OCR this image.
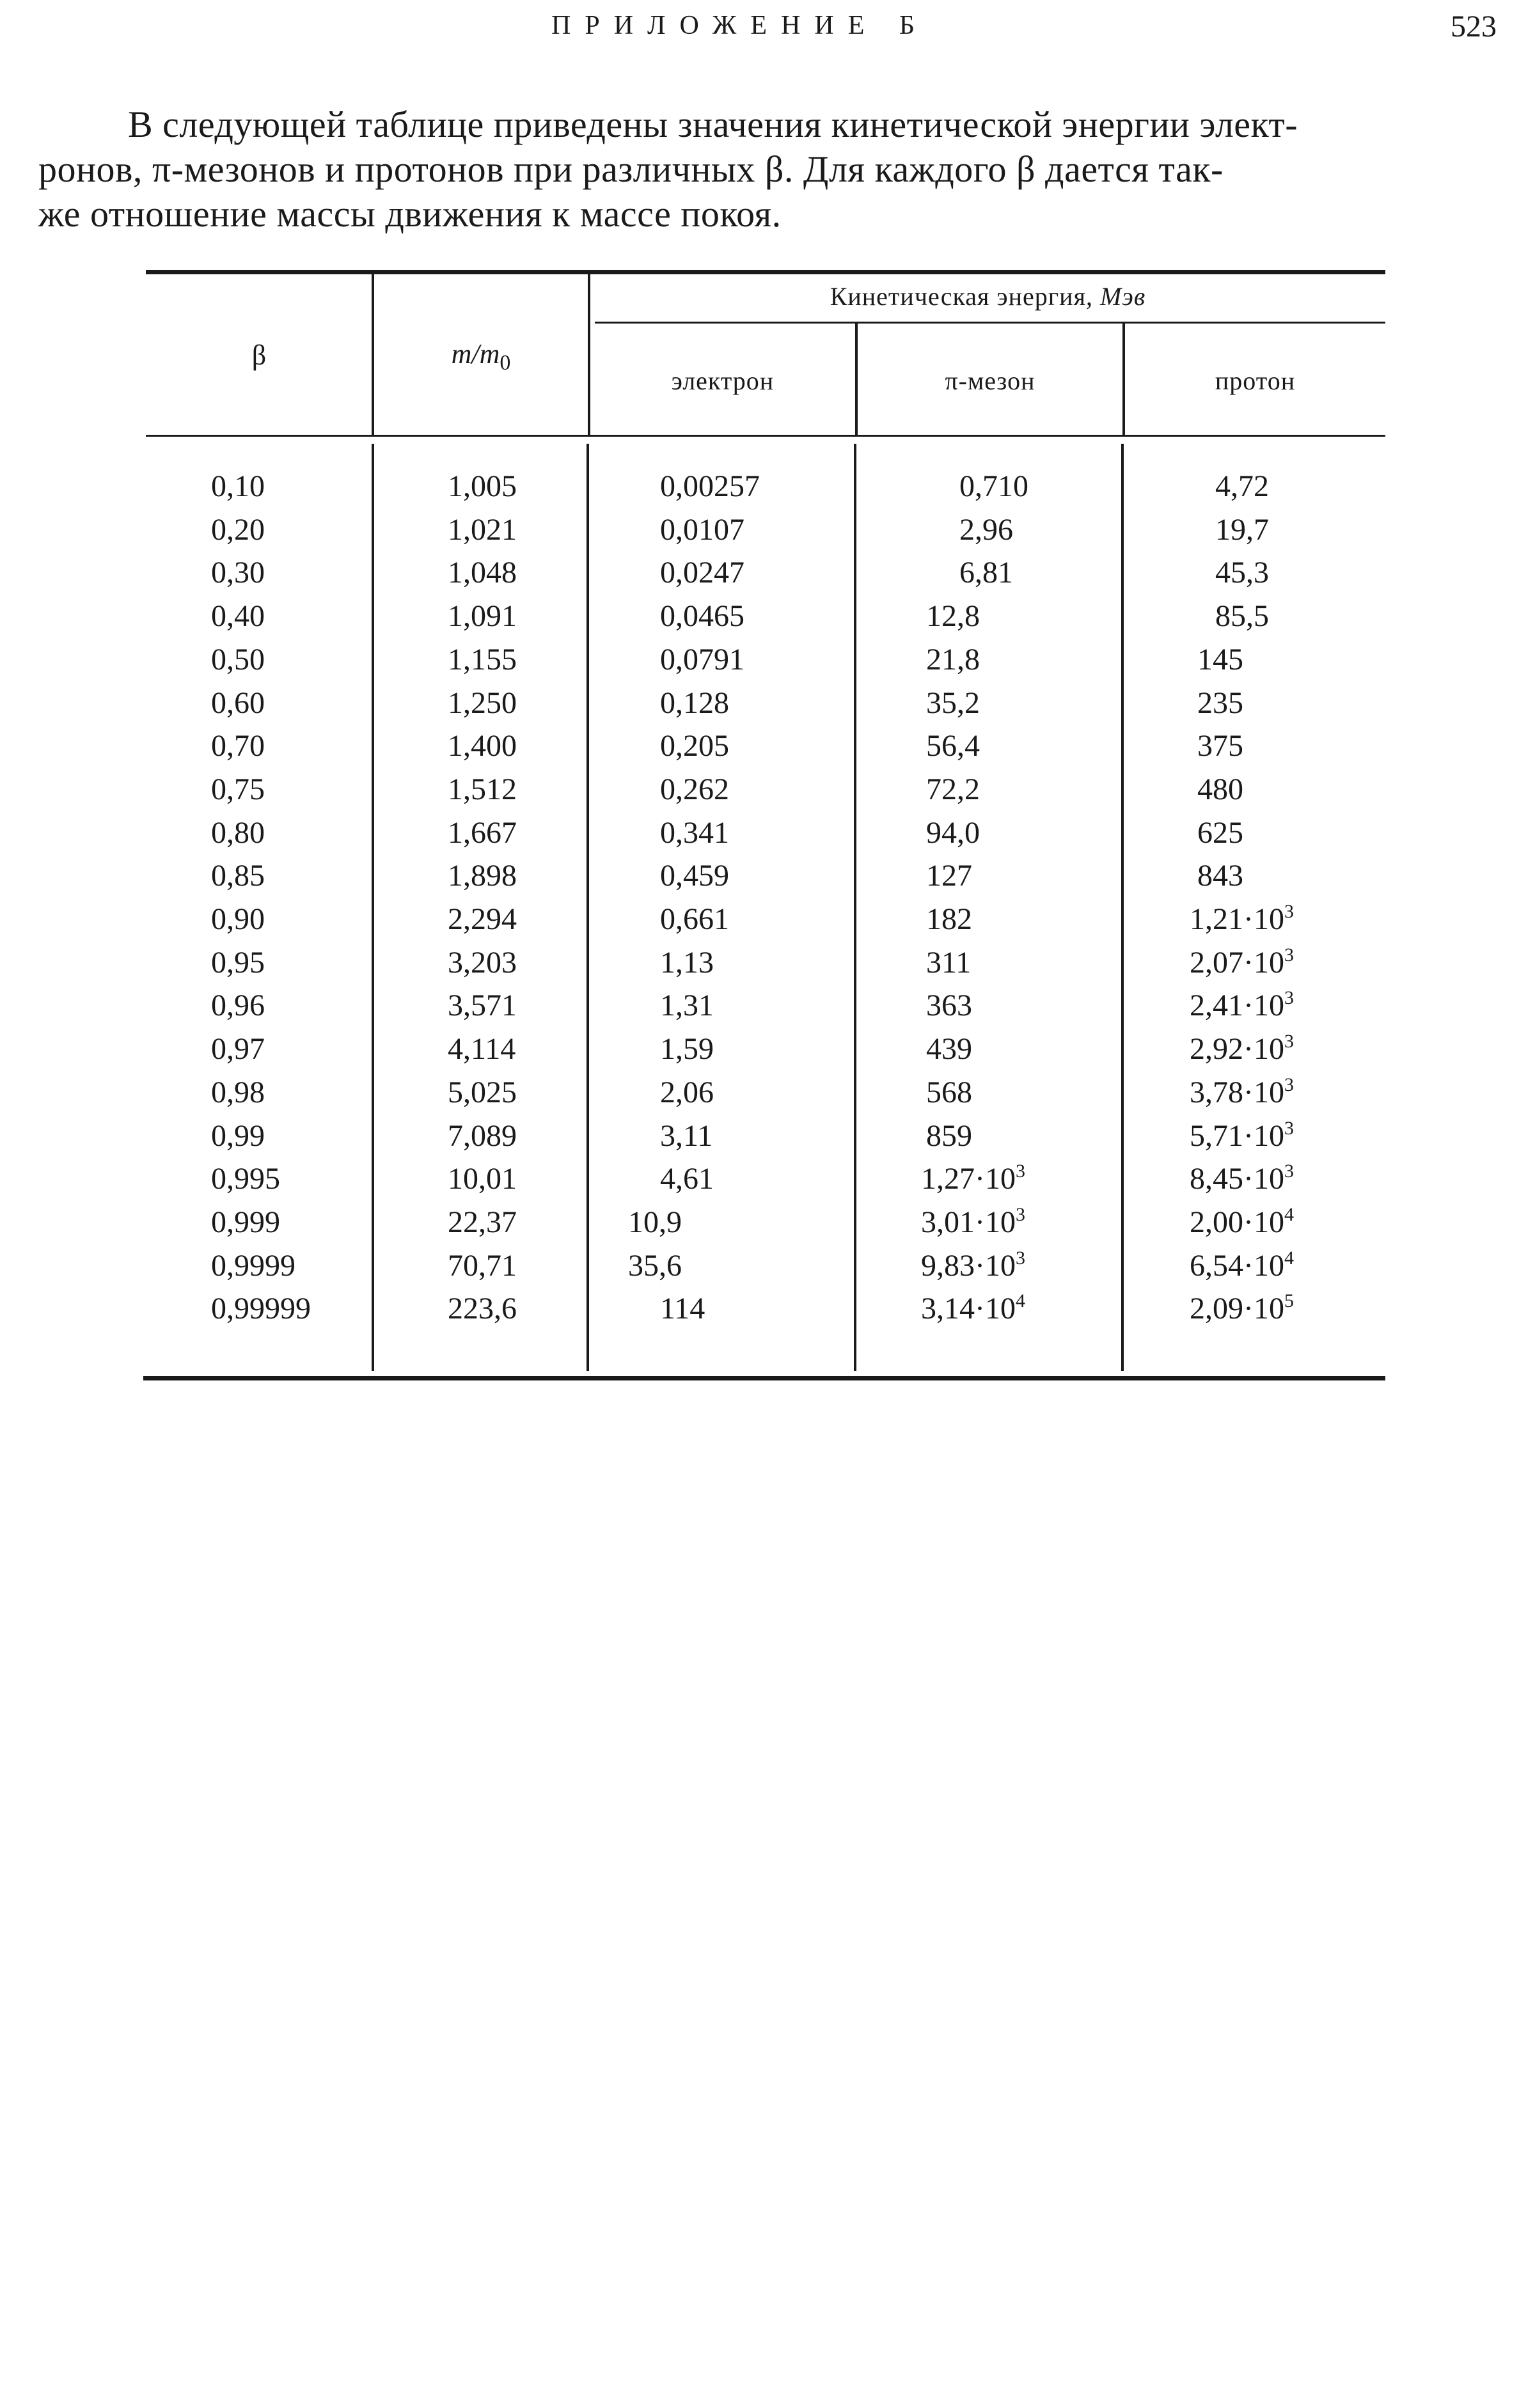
ПРИЛОЖЕНИЕ Б	523
В следующей таблице приведены значения кинетической энергии элект-
ронов, π-мезонов и протонов при различных β. Для каждого β дается так-
же отношение массы движения к массе покоя.
β	$m/m_0$
Кинетическая энергия, Мэв
электрон	π-мезон	протон
0,10	1,005	0,00257	0,710	4,72
0,20	1,021	0,0107	2,96	19,7
0,30	1,048	0,0247	6,81	45,3
0,40	1,091	0,0465	12,8	85,5
0,50	1,155	0,0791	21,8	145
0,60	1,250	0,128	35,2	235
0,70	1,400	0,205	56,4	375
0,75	1,512	0,262	72,2	480
0,80	1,667	0,341	94,0	625
0,85	1,898	0,459	127	843
0,90	2,294	0,661	182	$1,21\cdot 10^3$
0,95	3,203	1,13	311	$2,07\cdot 10^3$
0,96	3,571	1,31	363	$2,41\cdot 10^3$
0,97	4,114	1,59	439	$2,92\cdot 10^3$
0,98	5,025	2,06	568	$3,78\cdot 10^3$
0,99	7,089	3,11	859	$5,71\cdot 10^3$
0,995	10,01	4,61	$1,27\cdot 10^3$	$8,45\cdot 10^3$
0,999	22,37	10,9	$3,01\cdot 10^3$	$2,00\cdot 10^4$
0,9999	70,71	35,6	$9,83\cdot 10^3$	$6,54\cdot 10^4$
0,99999	223,6	114	$3,14\cdot 10^4$	$2,09\cdot 10^5$
